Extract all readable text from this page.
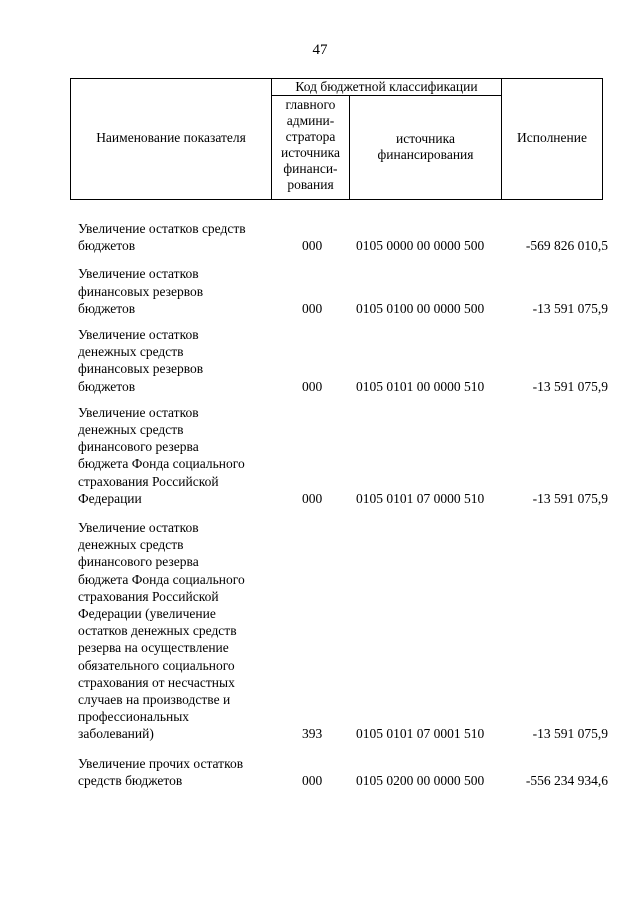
47
Наименование показателя
Код бюджетной классификации
главного
админи-
стратора
источника
финанси-
рования
источника
финансирования
Исполнение
Увеличение остатков средств
бюджетов	000	0105 0000 00 0000 500	-569 826 010,5
Увеличение остатков
финансовых резервов
бюджетов	000	0105 0100 00 0000 500	-13 591 075,9
Увеличение остатков
денежных средств
финансовых резервов
бюджетов	000	0105 0101 00 0000 510	-13 591 075,9
Увеличение остатков
денежных средств
финансового резерва
бюджета Фонда социального
страхования Российской
Федерации	000	0105 0101 07 0000 510	-13 591 075,9
Увеличение остатков
денежных средств
финансового резерва
бюджета Фонда социального
страхования Российской
Федерации (увеличение
остатков денежных средств
резерва на осуществление
обязательного социального
страхования от несчастных
случаев на производстве и
профессиональных
заболеваний)	393	0105 0101 07 0001 510	-13 591 075,9
Увеличение прочих остатков
средств бюджетов	000	0105 0200 00 0000 500	-556 234 934,6
